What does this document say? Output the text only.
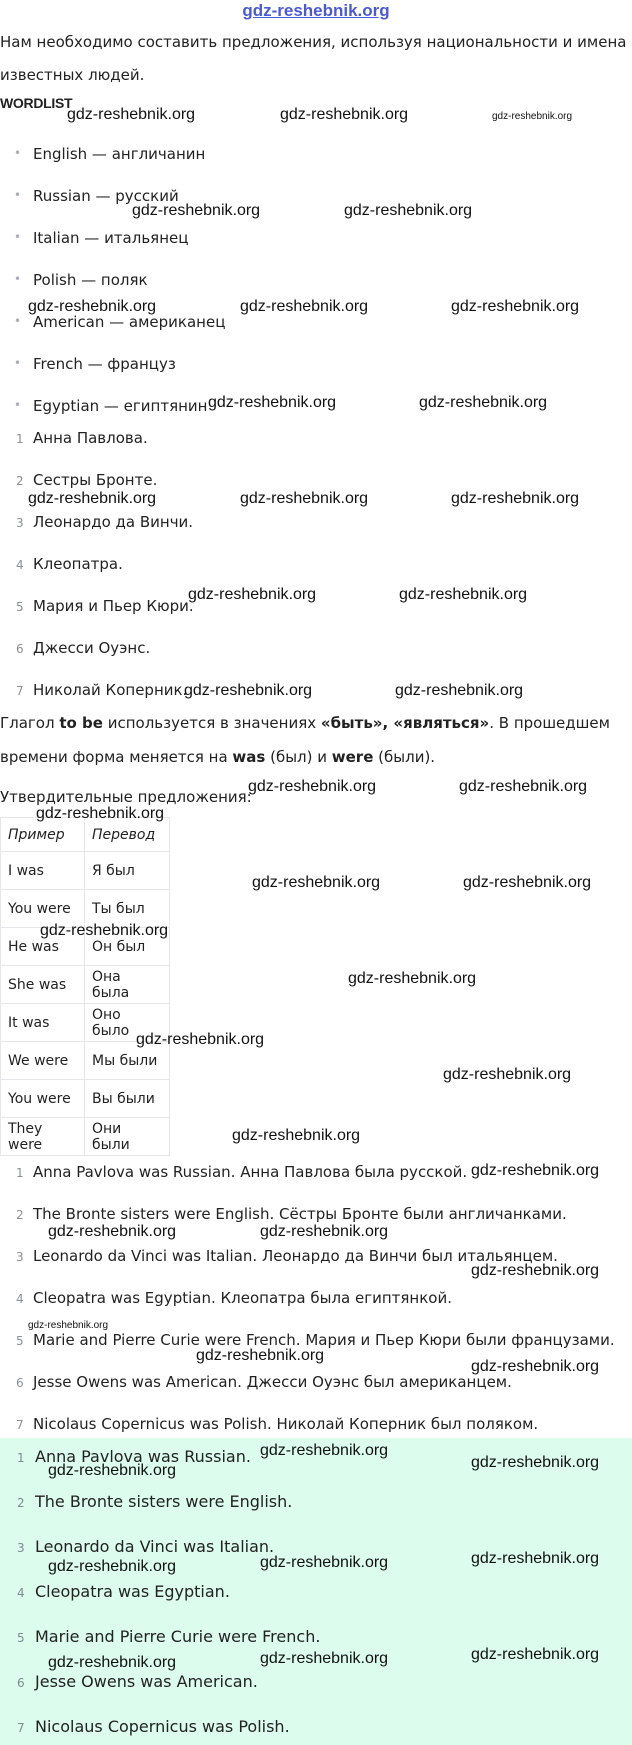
gdz-reshebnik.org
Нам необходимо составить предложения, используя национальности и имена известных людей.
WORDLIST
• English — англичанин
• Russian — русский
• Italian — итальянец
• Polish — поляк
• American — американец
• French — француз
• Egyptian — египтянин
1 Анна Павлова.
2 Сестры Бронте.
3 Леонардо да Винчи.
4 Клеопатра.
5 Мария и Пьер Кюри.
6 Джесси Оуэнс.
7 Николай Коперник.
Глагол to be используется в значениях «быть», «являться». В прошедшем времени форма меняется на was (был) и were (были).
Утвердительные предложения:
Пример	Перевод
I was	Я был
You were	Ты был
He was	Он был
She was	Она была
It was	Оно было
We were	Мы были
You were	Вы были
They were	Они были
1 Anna Pavlova was Russian. Анна Павлова была русской.
2 The Bronte sisters were English. Сёстры Бронте были англичанками.
3 Leonardo da Vinci was Italian. Леонардо да Винчи был итальянцем.
4 Cleopatra was Egyptian. Клеопатра была египтянкой.
5 Marie and Pierre Curie were French. Мария и Пьер Кюри были французами.
6 Jesse Owens was American. Джесси Оуэнс был американцем.
7 Nicolaus Copernicus was Polish. Николай Коперник был поляком.
1 Anna Pavlova was Russian.
2 The Bronte sisters were English.
3 Leonardo da Vinci was Italian.
4 Cleopatra was Egyptian.
5 Marie and Pierre Curie were French.
6 Jesse Owens was American.
7 Nicolaus Copernicus was Polish.
gdz-reshebnik.org	gdz-reshebnik.org	gdz-reshebnik.org
gdz-reshebnik.org	gdz-reshebnik.org
gdz-reshebnik.org	gdz-reshebnik.org	gdz-reshebnik.org
gdz-reshebnik.org	gdz-reshebnik.org
gdz-reshebnik.org	gdz-reshebnik.org	gdz-reshebnik.org
gdz-reshebnik.org	gdz-reshebnik.org
gdz-reshebnik.org	gdz-reshebnik.org
gdz-reshebnik.org	gdz-reshebnik.org
gdz-reshebnik.org
gdz-reshebnik.org	gdz-reshebnik.org
gdz-reshebnik.org
gdz-reshebnik.org
gdz-reshebnik.org
gdz-reshebnik.org
gdz-reshebnik.org
gdz-reshebnik.org
gdz-reshebnik.org	gdz-reshebnik.org
gdz-reshebnik.org
gdz-reshebnik.org
gdz-reshebnik.org
gdz-reshebnik.org
gdz-reshebnik.org
gdz-reshebnik.org	gdz-reshebnik.org
gdz-reshebnik.org	gdz-reshebnik.org	gdz-reshebnik.org
gdz-reshebnik.org	gdz-reshebnik.org	gdz-reshebnik.org
